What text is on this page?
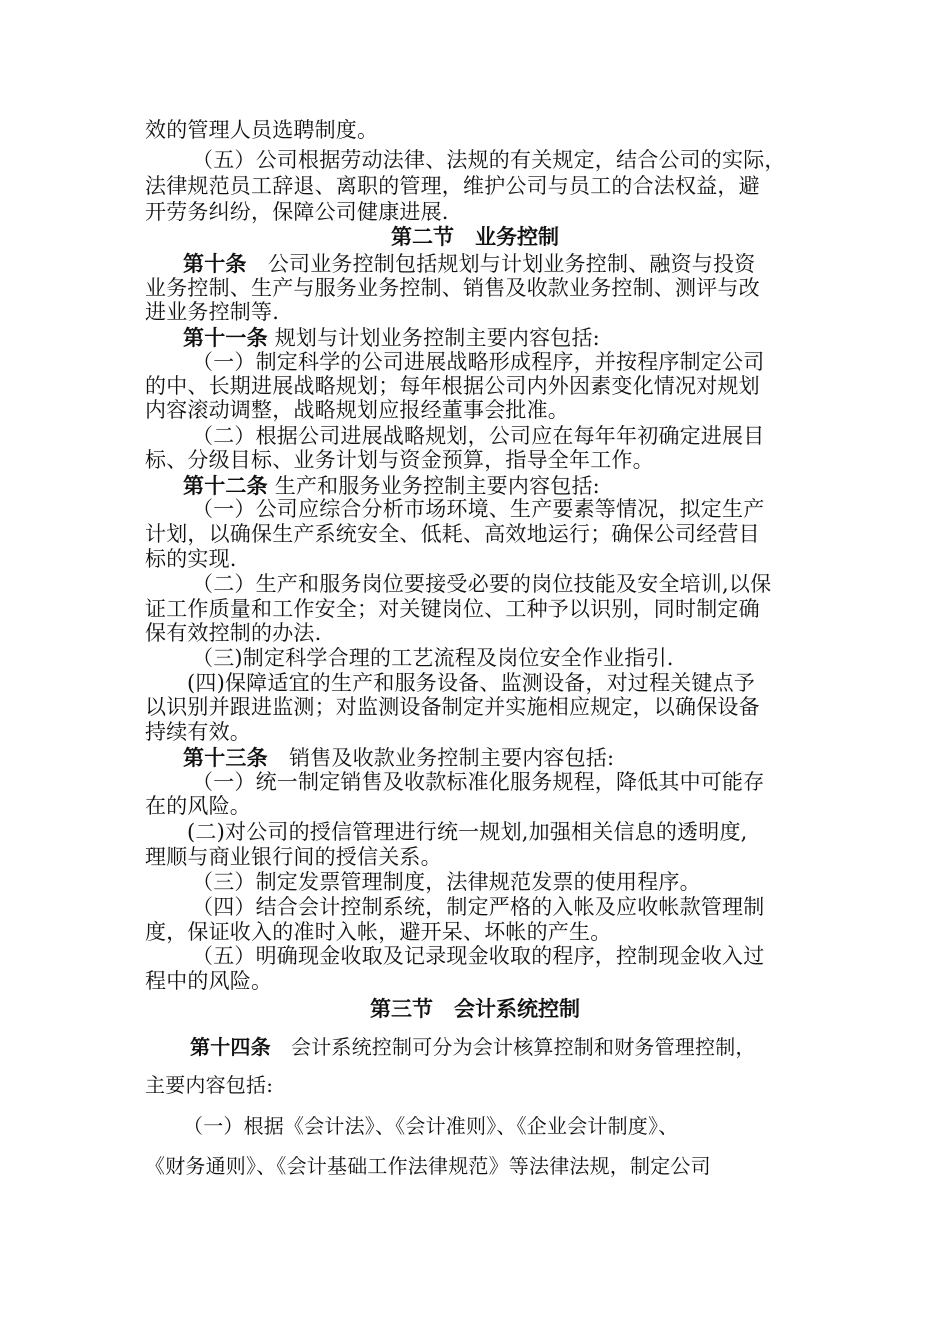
效的管理人员选聘制度。
（五）公司根据劳动法律、法规的有关规定，结合公司的实际，
法律规范员工辞退、离职的管理，维护公司与员工的合法权益，避
开劳务纠纷，保障公司健康进展.
第二节　业务控制
第十条　公司业务控制包括规划与计划业务控制、融资与投资
业务控制、生产与服务业务控制、销售及收款业务控制、测评与改
进业务控制等.
第十一条 规划与计划业务控制主要内容包括:
（一）制定科学的公司进展战略形成程序，并按程序制定公司
的中、长期进展战略规划；每年根据公司内外因素变化情况对规划
内容滚动调整，战略规划应报经董事会批准。
（二）根据公司进展战略规划，公司应在每年年初确定进展目
标、分级目标、业务计划与资金预算，指导全年工作。
第十二条 生产和服务业务控制主要内容包括:
（一）公司应综合分析市场环境、生产要素等情况，拟定生产
计划，以确保生产系统安全、低耗、高效地运行；确保公司经营目
标的实现.
（二）生产和服务岗位要接受必要的岗位技能及安全培训,以保
证工作质量和工作安全；对关键岗位、工种予以识别，同时制定确
保有效控制的办法.
（三)制定科学合理的工艺流程及岗位安全作业指引.
(四)保障适宜的生产和服务设备、监测设备，对过程关键点予
以识别并跟进监测；对监测设备制定并实施相应规定，以确保设备
持续有效。
第十三条　销售及收款业务控制主要内容包括:
（一）统一制定销售及收款标准化服务规程，降低其中可能存
在的风险。
(二)对公司的授信管理进行统一规划,加强相关信息的透明度,
理顺与商业银行间的授信关系。
（三）制定发票管理制度，法律规范发票的使用程序。
（四）结合会计控制系统，制定严格的入帐及应收帐款管理制
度，保证收入的准时入帐，避开呆、坏帐的产生。
（五）明确现金收取及记录现金收取的程序，控制现金收入过
程中的风险。
第三节　会计系统控制
第十四条　会计系统控制可分为会计核算控制和财务管理控制，
主要内容包括:
（一）根据《会计法》、《会计准则》、《企业会计制度》、
《财务通则》、《会计基础工作法律规范》等法律法规，制定公司
